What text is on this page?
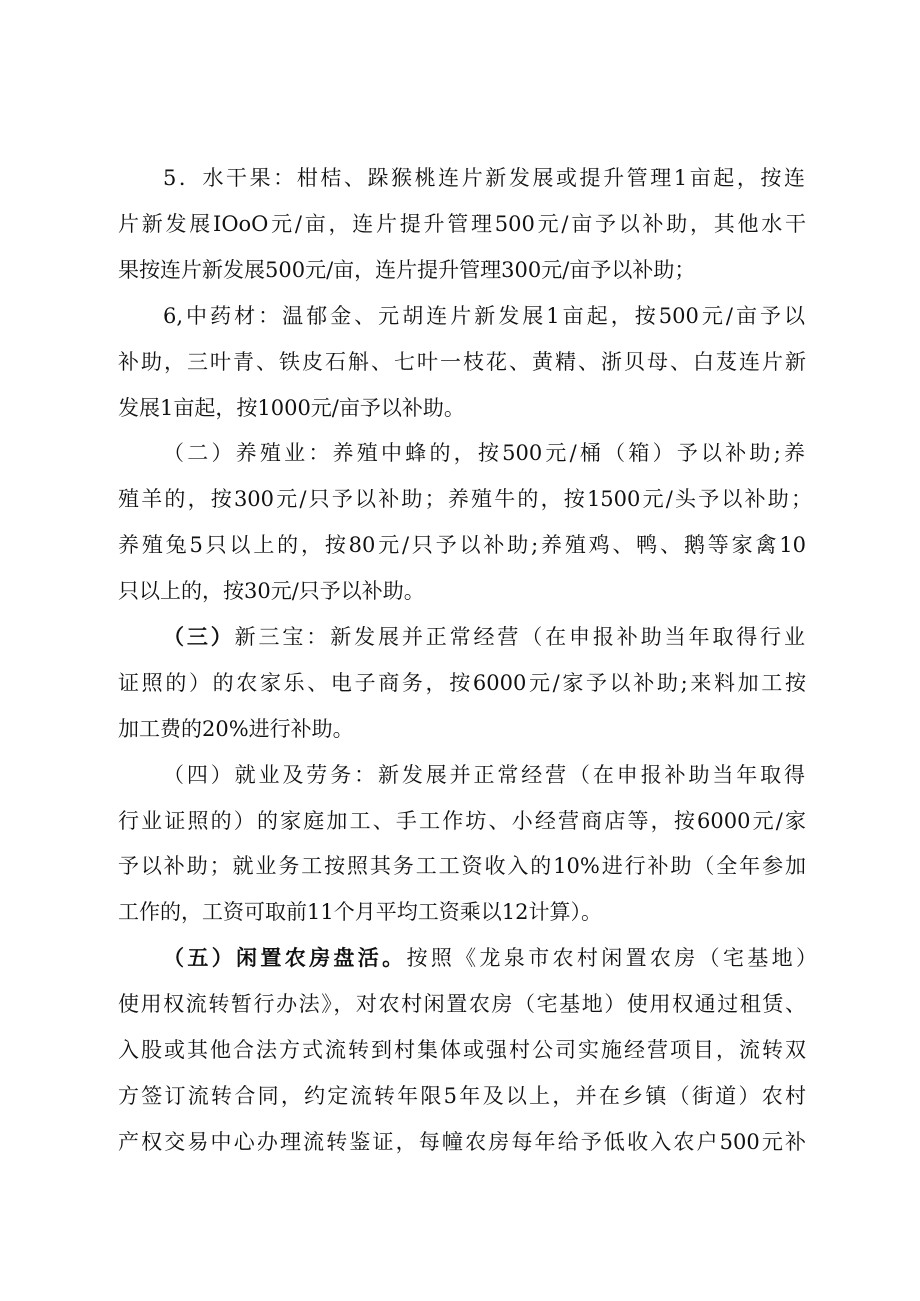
5．水干果：柑桔、跺猴桃连片新发展或提升管理1亩起，按连
片新发展IOoO元/亩，连片提升管理500元/亩予以补助，其他水干
果按连片新发展500元/亩，连片提升管理300元/亩予以补助；
6,中药材：温郁金、元胡连片新发展1亩起，按500元/亩予以
补助，三叶青、铁皮石斛、七叶一枝花、黄精、浙贝母、白芨连片新
发展1亩起，按1000元/亩予以补助。
（二）养殖业：养殖中蜂的，按500元/桶（箱）予以补助;养
殖羊的，按300元/只予以补助；养殖牛的，按1500元/头予以补助；
养殖兔5只以上的，按80元/只予以补助;养殖鸡、鸭、鹅等家禽10
只以上的，按30元/只予以补助。
（三）新三宝：新发展并正常经营（在申报补助当年取得行业
证照的）的农家乐、电子商务，按6000元/家予以补助;来料加工按
加工费的20%进行补助。
（四）就业及劳务：新发展并正常经营（在申报补助当年取得
行业证照的）的家庭加工、手工作坊、小经营商店等，按6000元/家
予以补助；就业务工按照其务工工资收入的10%进行补助（全年参加
工作的，工资可取前11个月平均工资乘以12计算）。
（五）闲置农房盘活。按照《龙泉市农村闲置农房（宅基地）
使用权流转暂行办法》，对农村闲置农房（宅基地）使用权通过租赁、
入股或其他合法方式流转到村集体或强村公司实施经营项目，流转双
方签订流转合同，约定流转年限5年及以上，并在乡镇（街道）农村
产权交易中心办理流转鉴证，每幢农房每年给予低收入农户500元补
